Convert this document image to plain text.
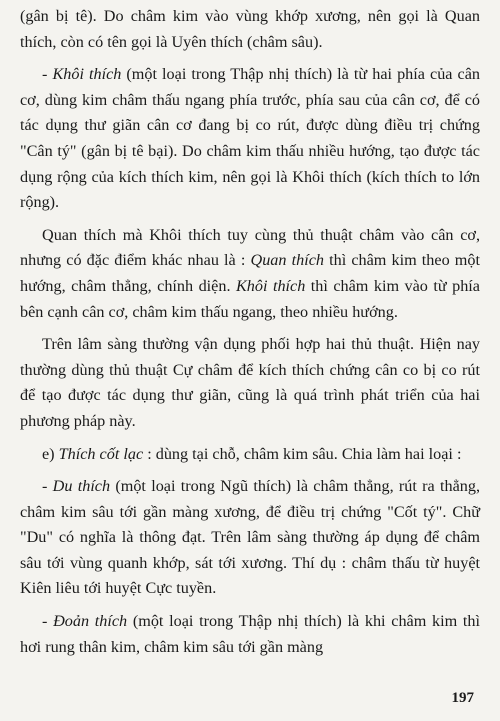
(gân bị tê). Do châm kim vào vùng khớp xương, nên gọi là Quan thích, còn có tên gọi là Uyên thích (châm sâu).

- Khôi thích (một loại trong Thập nhị thích) là từ hai phía của cân cơ, dùng kim châm thấu ngang phía trước, phía sau của cân cơ, để có tác dụng thư giãn cân cơ đang bị co rút, được dùng điều trị chứng "Cân tý" (gân bị tê bại). Do châm kim thấu nhiều hướng, tạo được tác dụng rộng của kích thích kim, nên gọi là Khôi thích (kích thích to lớn rộng).

Quan thích mà Khôi thích tuy cùng thủ thuật châm vào cân cơ, nhưng có đặc điểm khác nhau là : Quan thích thì châm kim theo một hướng, châm thẳng, chính diện. Khôi thích thì châm kim vào từ phía bên cạnh cân cơ, châm kim thấu ngang, theo nhiều hướng.

Trên lâm sàng thường vận dụng phối hợp hai thủ thuật. Hiện nay thường dùng thủ thuật Cự châm để kích thích chứng cân co bị co rút để tạo được tác dụng thư giãn, cũng là quá trình phát triển của hai phương pháp này.

e) Thích cốt lạc : dùng tại chỗ, châm kim sâu. Chia làm hai loại :

- Du thích (một loại trong Ngũ thích) là châm thẳng, rút ra thẳng, châm kim sâu tới gần màng xương, để điều trị chứng "Cốt tý". Chữ "Du" có nghĩa là thông đạt. Trên lâm sàng thường áp dụng để châm sâu tới vùng quanh khớp, sát tới xương. Thí dụ : châm thấu từ huyệt Kiên liêu tới huyệt Cực tuyền.

- Đoản thích (một loại trong Thập nhị thích) là khi châm kim thì hơi rung thân kim, châm kim sâu tới gần màng

197
